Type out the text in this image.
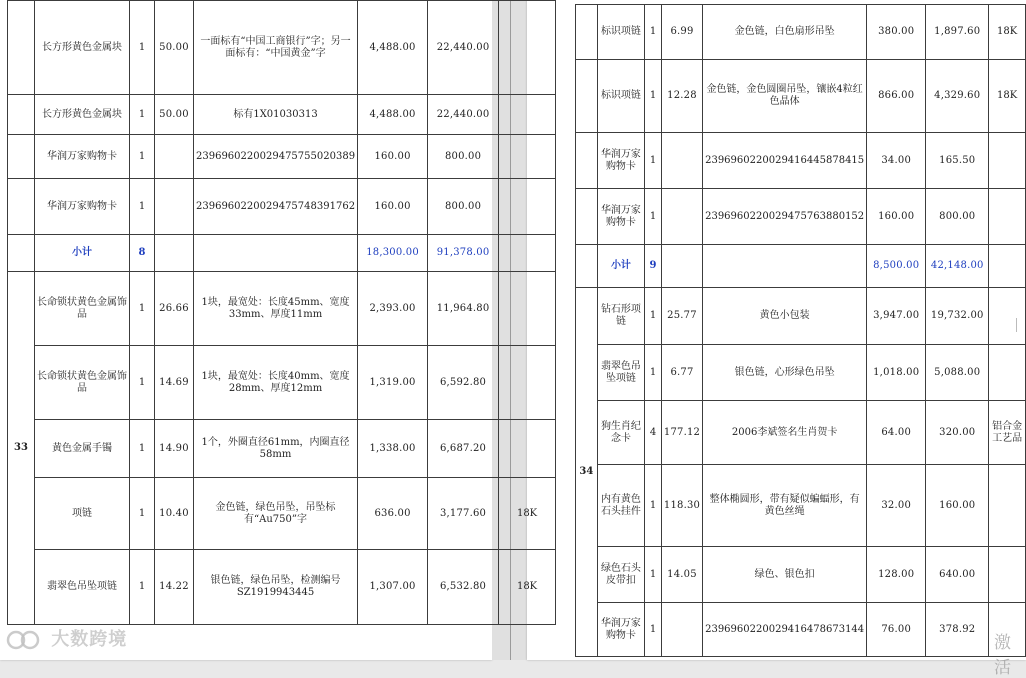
	长方形黄色金属块	1	50.00	一面标有“中国工商银行”字；另一面标有：“中国黄金”字	4,488.00	22,440.00	
	长方形黄色金属块	1	50.00	标有1X01030313	4,488.00	22,440.00	
	华润万家购物卡	1		2396960220029475755020389	160.00	800.00	
	华润万家购物卡	1		2396960220029475748391762	160.00	800.00	
	小计	8			18,300.00	91,378.00	
33	长命锁状黄色金属饰品	1	26.66	1块，最宽处：长度45mm、宽度33mm、厚度11mm	2,393.00	11,964.80	
	长命锁状黄色金属饰品	1	14.69	1块，最宽处：长度40mm、宽度28mm、厚度12mm	1,319.00	6,592.80	
	黄色金属手镯	1	14.90	1个，外圈直径61mm，内圈直径58mm	1,338.00	6,687.20	
	项链	1	10.40	金色链，绿色吊坠，吊坠标有“Au750”字	636.00	3,177.60	18K
	翡翠色吊坠项链	1	14.22	银色链，绿色吊坠，检测编号SZ1919943445	1,307.00	6,532.80	18K
	标识项链	1	6.99	金色链，白色扇形吊坠	380.00	1,897.60	18K
	标识项链	1	12.28	金色链，金色圆圈吊坠，镶嵌4粒红色晶体	866.00	4,329.60	18K
	华润万家购物卡	1		2396960220029416445878415	34.00	165.50	
	华润万家购物卡	1		2396960220029475763880152	160.00	800.00	
	小计	9			8,500.00	42,148.00	
34	钻石形项链	1	25.77	黄色小包装	3,947.00	19,732.00	
	翡翠色吊坠项链	1	6.77	银色链，心形绿色吊坠	1,018.00	5,088.00	
	狗生肖纪念卡	4	177.12	2006李斌签名生肖贺卡	64.00	320.00	铝合金工艺品
	内有黄色石头挂件	1	118.30	整体椭圆形，带有疑似蝙蝠形，有黄色丝绳	32.00	160.00	
	绿色石头皮带扣	1	14.05	绿色、银色扣	128.00	640.00	
	华润万家购物卡	1		2396960220029416478673144	76.00	378.92	
大数跨境	激活
